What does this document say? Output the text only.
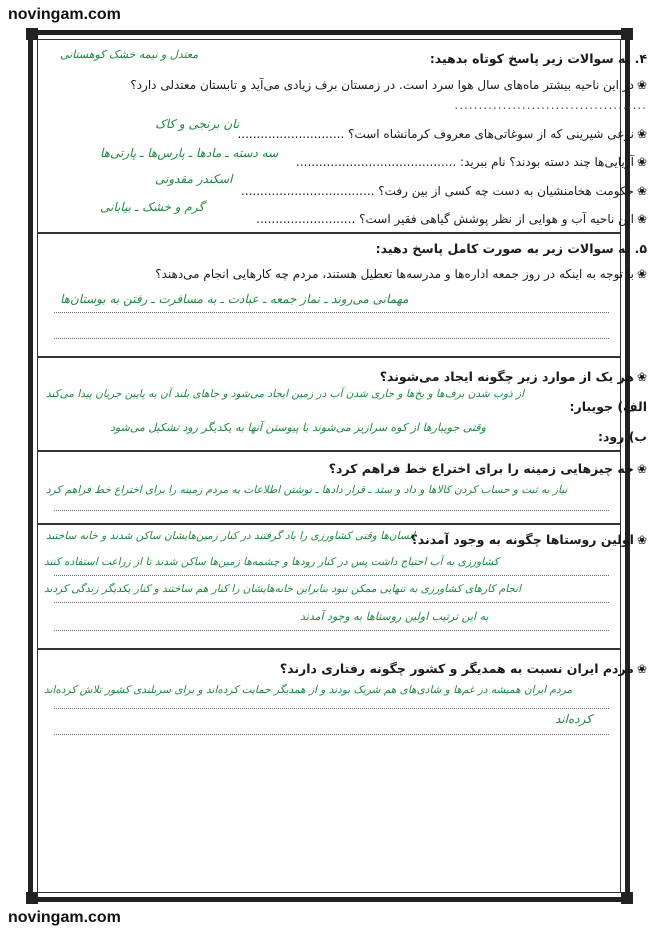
novingam.com
۴. به سوالات زیر پاسخ کوتاه بدهید:
معتدل و نیمه خشک کوهستانی
❀در این ناحیه بیشتر ماه‌های سال هوا سرد است. در زمستان برف زیادی می‌آید و تابستان معتدلی دارد؟
........................................
❀نوعی شیرینی که از سوغاتی‌های معروف کرمانشاه است؟ ............................
نان برنجی و کاک
❀آریایی‌ها چند دسته بودند؟ نام ببرید: ..........................................
سه دسته ـ مادها ـ پارس‌ها ـ پارتی‌ها
❀حکومت هخامنشیان به دست چه کسی از بین رفت؟ ...................................
اسکندر مقدونی
❀این ناحیه آب و هوایی از نظر پوشش گیاهی فقیر است؟ ..........................
گرم و خشک ـ بیابانی
۵. به سوالات زیر به صورت کامل پاسخ دهید:
❀با توجه به اینکه در روز جمعه اداره‌ها و مدرسه‌ها تعطیل هستند، مردم چه کارهایی انجام می‌دهند؟
مهمانی می‌روند ـ نماز جمعه ـ عبادت ـ به مسافرت ـ رفتن به بوستان‌ها
❀هر یک از موارد زیر چگونه ایجاد می‌شوند؟
الف) جویبار:
از ذوب شدن برف‌ها و یخ‌ها و جاری شدن آب در زمین ایجاد می‌شود و جاهای بلند آن به پایین جریان پیدا می‌کند
ب) رود:
وقتی جویبارها از کوه سرازیر می‌شوند با پیوستن آنها به یکدیگر رود تشکیل می‌شود
❀چه چیزهایی زمینه را برای اختراع خط فراهم کرد؟
نیاز به ثبت و حساب کردن کالاها و داد و ستد ـ قرار دادها ـ نوشتن اطلاعات به مردم زمینه را برای اختراع خط فراهم کرد
❀اولین روستاها چگونه به وجود آمدند؟
انسان‌ها وقتی کشاورزی را یاد گرفتند در کنار زمین‌هایشان ساکن شدند و خانه ساختند
کشاورزی به آب احتیاج داشت پس در کنار رودها و چشمه‌ها زمین‌ها ساکن شدند تا از زراعت استفاده کنند
انجام کارهای کشاورزی به تنهایی ممکن نبود بنابراین خانه‌هایشان را کنار هم ساختند و کنار یکدیگر زندگی کردند
به این ترتیب اولین روستاها به وجود آمدند
❀مردم ایران نسبت به همدیگر و کشور چگونه رفتاری دارند؟
مردم ایران همیشه در غم‌ها و شادی‌های هم شریک بودند و از همدیگر حمایت کرده‌اند و برای سربلندی کشور تلاش کرده‌اند
کرده‌اند
novingam.com
